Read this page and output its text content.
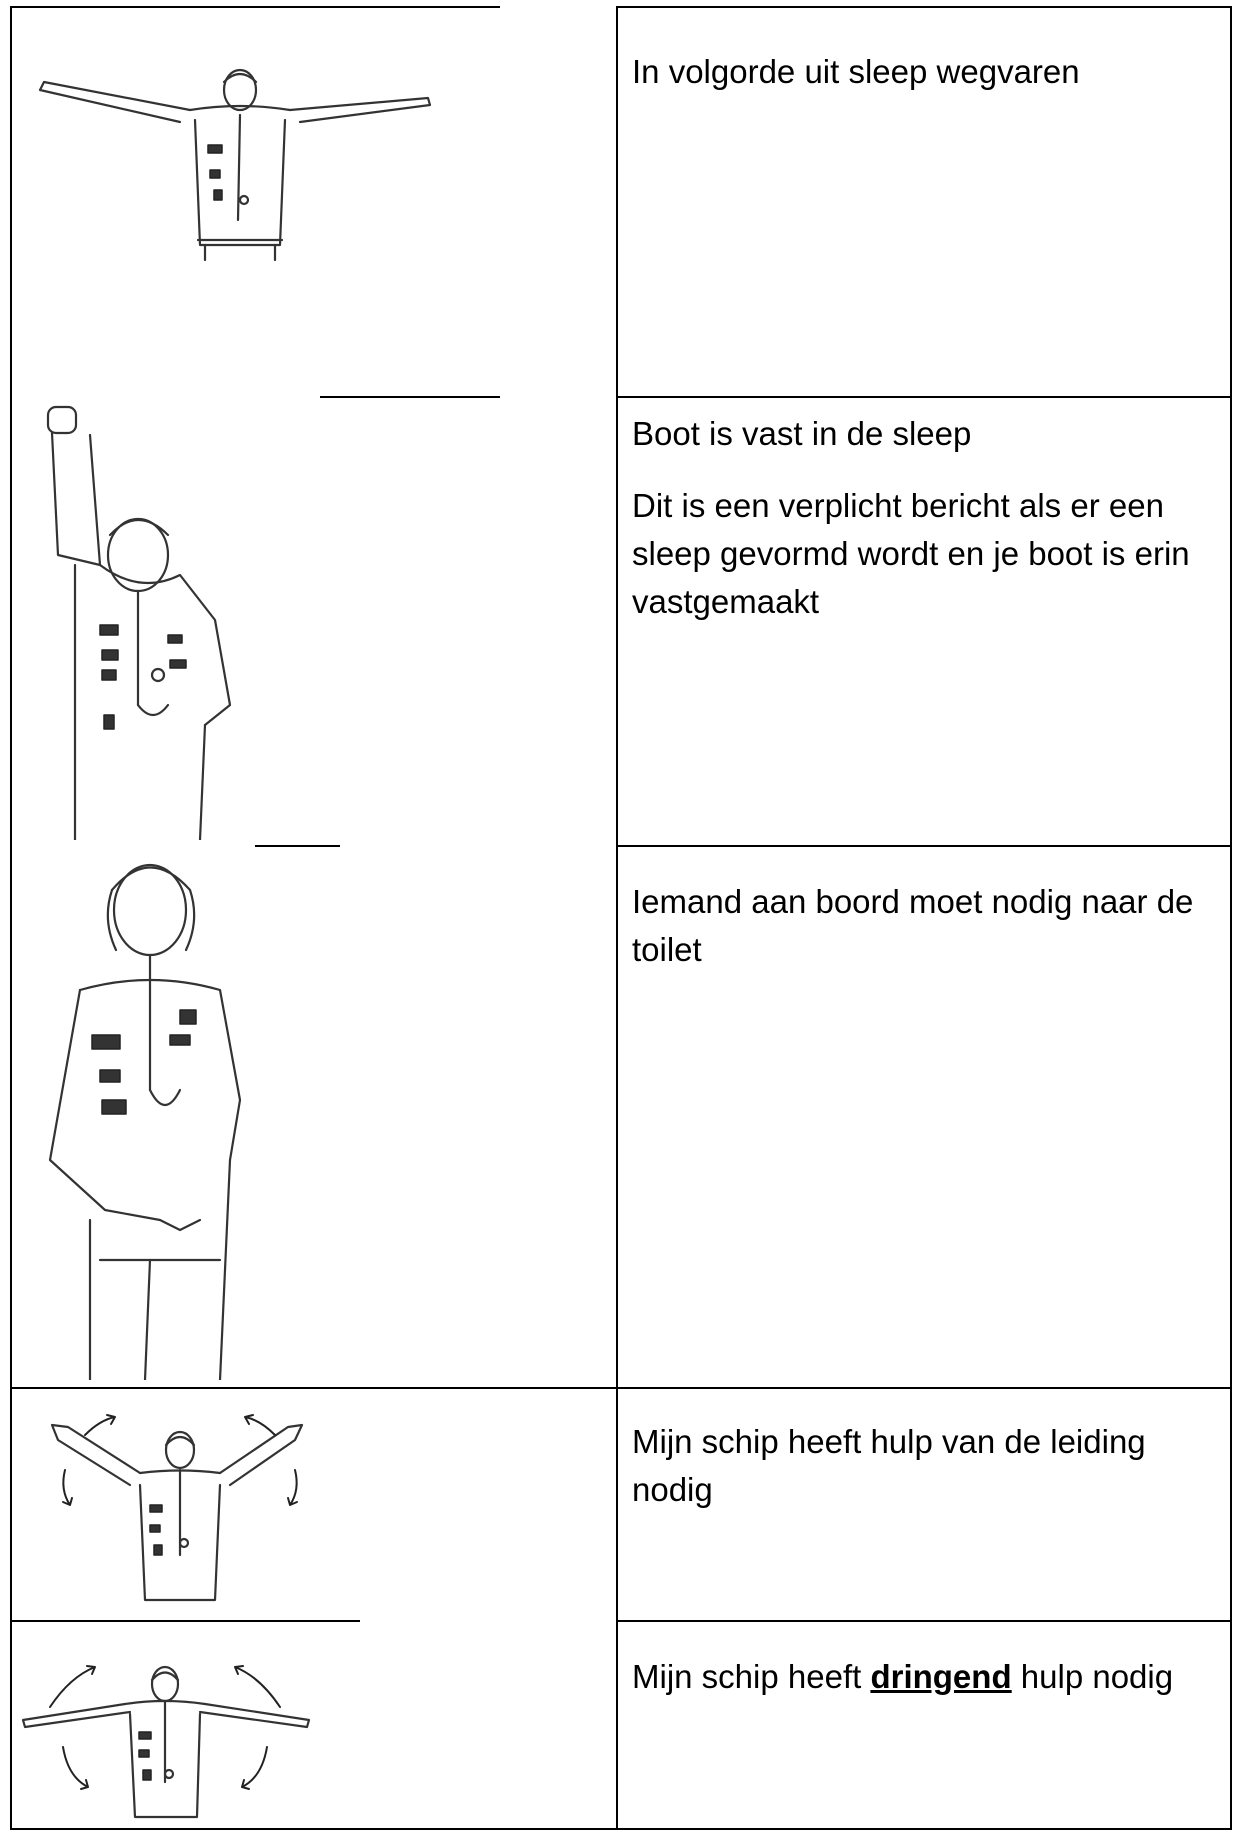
In volgorde uit sleep wegvaren

Boot is vast in de sleep

Dit is een verplicht bericht als er een sleep gevormd wordt en je boot is erin vastgemaakt

Iemand aan boord moet nodig naar de toilet

Mijn schip heeft hulp van de leiding nodig

Mijn schip heeft dringend hulp nodig
